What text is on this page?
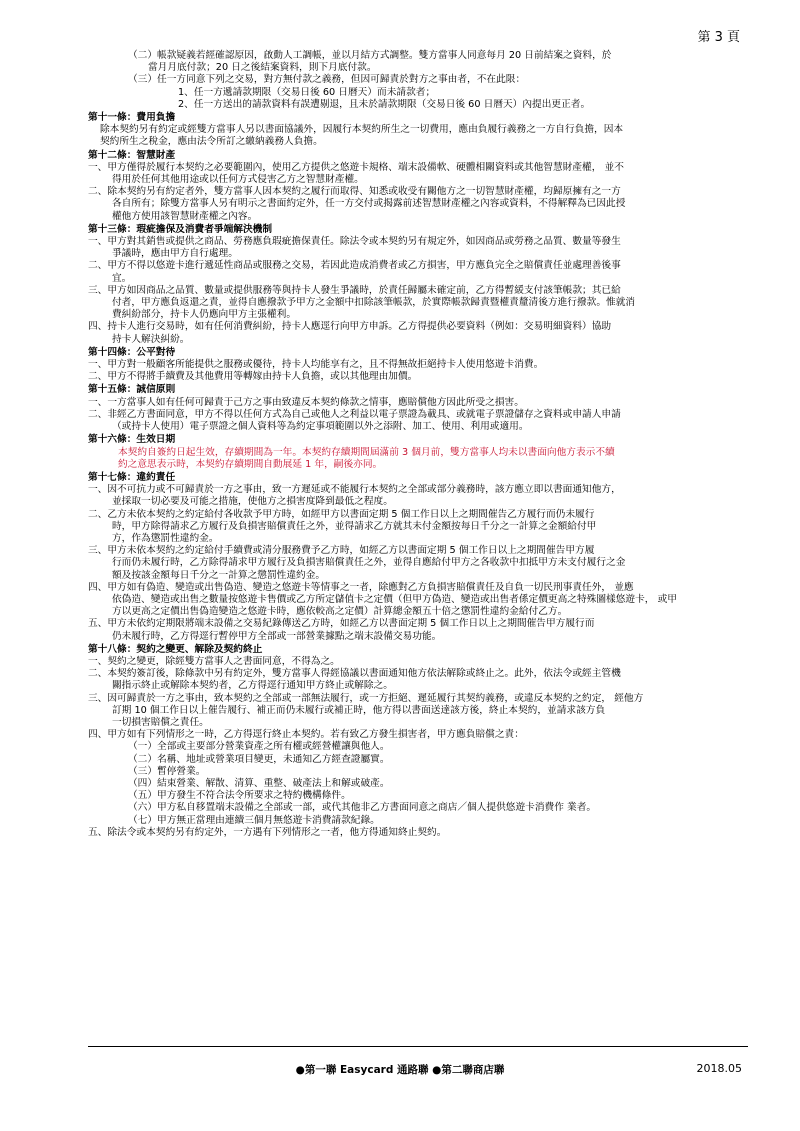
第 3 頁
（二）帳款疑義若經確認原因，啟動人工調帳，並以月結方式調整。雙方當事人同意每月 20 日前結案之資料，於
當月月底付款；20 日之後結案資料，則下月底付款。
（三）任一方同意下列之交易，對方無付款之義務，但因可歸責於對方之事由者，不在此限：
1、任一方遞請款期限（交易日後 60 日曆天）而未請款者；
2、任一方送出的請款資料有誤遭剔退，且未於請款期限（交易日後 60 日曆天）內提出更正者。
第十一條：費用負擔
除本契約另有約定或經雙方當事人另以書面協議外，因履行本契約所生之一切費用，應由負履行義務之一方自行負擔，因本
契約所生之稅金，應由法令所訂之繳納義務人負擔。
第十二條：智慧財產
一、甲方僅得於履行本契約之必要範圍內，使用乙方提供之悠遊卡規格、端末設備軟、硬體相關資料或其他智慧財產權， 並不
得用於任何其他用途或以任何方式侵害乙方之智慧財產權。
二、除本契約另有約定者外，雙方當事人因本契約之履行而取得、知悉或收受有關他方之一切智慧財產權，均歸原擁有之一方
各自所有；除雙方當事人另有明示之書面約定外，任一方交付或揭露前述智慧財產權之內容或資料，不得解釋為已因此授
權他方使用該智慧財產權之內容。
第十三條：瑕疵擔保及消費者爭端解決機制
一、甲方對其銷售或提供之商品、勞務應負瑕疵擔保責任。除法令或本契約另有規定外，如因商品或勞務之品質、數量等發生
爭議時，應由甲方自行處理。
二、甲方不得以悠遊卡進行遞延性商品或服務之交易，若因此造成消費者或乙方損害，甲方應負完全之賠償責任並處理善後事
宜。
三、甲方如因商品之品質、數量或提供服務等與持卡人發生爭議時，於責任歸屬未確定前，乙方得暫緩支付該筆帳款；其已給
付者，甲方應負返還之責，並得自應撥款予甲方之金額中扣除該筆帳款，於實際帳款歸責暨權責釐清後方進行撥款。惟就消
費糾紛部分，持卡人仍應向甲方主張權利。
四、持卡人進行交易時，如有任何消費糾紛，持卡人應逕行向甲方申訴。乙方得提供必要資料（例如：交易明細資料）協助
持卡人解決糾紛。
第十四條：公平對待
一、甲方對一般顧客所能提供之服務或優待，持卡人均能享有之，且不得無故拒絕持卡人使用悠遊卡消費。
二、甲方不得將手續費及其他費用等轉嫁由持卡人負擔，或以其他理由加價。
第十五條：誠信原則
一、一方當事人如有任何可歸責于己方之事由致違反本契約條款之情事，應賠償他方因此所受之損害。
二、非經乙方書面同意，甲方不得以任何方式為自己或他人之利益以電子票證為載具、或就電子票證儲存之資料或申請人申請
（或持卡人使用）電子票證之個人資料等為約定事項範圍以外之添附、加工、使用、利用或適用。
第十六條：生效日期
本契約自簽約日起生效，存續期間為一年。本契約存續期間屆滿前 3 個月前，雙方當事人均未以書面向他方表示不續
約之意思表示時，本契約存續期間自動展延 1 年，嗣後亦同。
第十七條：違約責任
一、因不可抗力或不可歸責於一方之事由，致一方遲延或不能履行本契約之全部或部分義務時，該方應立即以書面通知他方，
並採取一切必要及可能之措施，使他方之損害度降到最低之程度。
二、乙方未依本契約之約定給付各收款予甲方時，如經甲方以書面定期 5 個工作日以上之期間催告乙方履行而仍未履行
時，甲方除得請求乙方履行及負損害賠償責任之外，並得請求乙方就其未付金額按每日千分之一計算之金額給付甲
方，作為懲罰性違約金。
三、甲方未依本契約之約定給付手續費或清分服務費予乙方時，如經乙方以書面定期 5 個工作日以上之期間催告甲方履
行而仍未履行時，乙方除得請求甲方履行及負損害賠償責任之外，並得自應給付甲方之各收款中扣抵甲方未支付履行之金
額及按該金額每日千分之一計算之懲罰性違約金。
四、甲方如有偽造、變造或出售偽造、變造之悠遊卡等情事之一者，除應對乙方負損害賠償責任及自負一切民刑事責任外， 並應
依偽造、變造或出售之數量按悠遊卡售價或乙方所定儲值卡之定價（但甲方偽造、變造或出售者係定價更高之特殊圖樣悠遊卡， 或甲
方以更高之定價出售偽造變造之悠遊卡時，應依較高之定價）計算總金額五十倍之懲罰性違約金給付乙方。
五、甲方未依約定期限將端末設備之交易紀錄傳送乙方時，如經乙方以書面定期 5 個工作日以上之期間催告甲方履行而
仍未履行時，乙方得逕行暫停甲方全部或一部營業據點之端末設備交易功能。
第十八條：契約之變更、解除及契約終止
一、契約之變更，除經雙方當事人之書面同意，不得為之。
二、本契約簽訂後，除條款中另有約定外，雙方當事人得經協議以書面通知他方依法解除或終止之。此外，依法令或經主管機
關指示終止或解除本契約者，乙方得逕行通知甲方終止或解除之。
三、因可歸責於一方之事由，致本契約之全部或一部無法履行，或一方拒絕、遲延履行其契約義務，或違反本契約之約定， 經他方
訂期 10 個工作日以上催告履行、補正而仍未履行或補正時，他方得以書面送達該方後，終止本契約，並請求該方負
一切損害賠償之責任。
四、甲方如有下列情形之一時，乙方得逕行終止本契約。若有致乙方發生損害者，甲方應負賠償之責：
（一）全部或主要部分營業資產之所有權或經營權讓與他人。
（二）名稱、地址或營業項目變更，未通知乙方經查證屬實。
（三）暫停營業。
（四）結束營業、解散、清算、重整、破產法上和解或破產。
（五）甲方發生不符合法令所要求之特約機構條件。
（六）甲方私自移置端末設備之全部或一部，或代其他非乙方書面同意之商店／個人提供悠遊卡消費作 業者。
（七）甲方無正當理由連續三個月無悠遊卡消費請款紀錄。
五、除法令或本契約另有約定外，一方遇有下列情形之一者，他方得通知終止契約。
●第一聯 Easycard 通路聯 ●第二聯商店聯	2018.05
